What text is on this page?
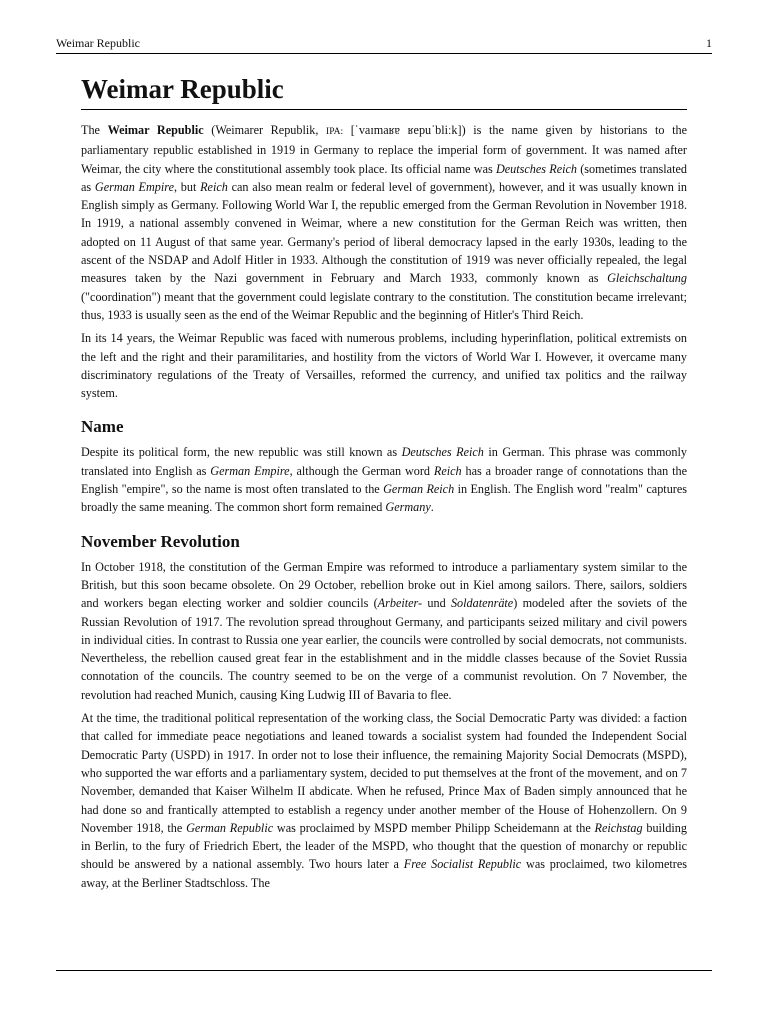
Weimar Republic	1
Weimar Republic

The Weimar Republic (Weimarer Republik, IPA: [ˈvaɪmaʁɐ ʁepuˈbliːk]) is the name given by historians to the parliamentary republic established in 1919 in Germany to replace the imperial form of government. It was named after Weimar, the city where the constitutional assembly took place. Its official name was Deutsches Reich (sometimes translated as German Empire, but Reich can also mean realm or federal level of government), however, and it was usually known in English simply as Germany. Following World War I, the republic emerged from the German Revolution in November 1918. In 1919, a national assembly convened in Weimar, where a new constitution for the German Reich was written, then adopted on 11 August of that same year. Germany's period of liberal democracy lapsed in the early 1930s, leading to the ascent of the NSDAP and Adolf Hitler in 1933. Although the constitution of 1919 was never officially repealed, the legal measures taken by the Nazi government in February and March 1933, commonly known as Gleichschaltung ("coordination") meant that the government could legislate contrary to the constitution. The constitution became irrelevant; thus, 1933 is usually seen as the end of the Weimar Republic and the beginning of Hitler's Third Reich.

In its 14 years, the Weimar Republic was faced with numerous problems, including hyperinflation, political extremists on the left and the right and their paramilitaries, and hostility from the victors of World War I. However, it overcame many discriminatory regulations of the Treaty of Versailles, reformed the currency, and unified tax politics and the railway system.

Name

Despite its political form, the new republic was still known as Deutsches Reich in German. This phrase was commonly translated into English as German Empire, although the German word Reich has a broader range of connotations than the English "empire", so the name is most often translated to the German Reich in English. The English word "realm" captures broadly the same meaning. The common short form remained Germany.

November Revolution

In October 1918, the constitution of the German Empire was reformed to introduce a parliamentary system similar to the British, but this soon became obsolete. On 29 October, rebellion broke out in Kiel among sailors. There, sailors, soldiers and workers began electing worker and soldier councils (Arbeiter- und Soldatenräte) modeled after the soviets of the Russian Revolution of 1917. The revolution spread throughout Germany, and participants seized military and civil powers in individual cities. In contrast to Russia one year earlier, the councils were controlled by social democrats, not communists. Nevertheless, the rebellion caused great fear in the establishment and in the middle classes because of the Soviet Russia connotation of the councils. The country seemed to be on the verge of a communist revolution. On 7 November, the revolution had reached Munich, causing King Ludwig III of Bavaria to flee.

At the time, the traditional political representation of the working class, the Social Democratic Party was divided: a faction that called for immediate peace negotiations and leaned towards a socialist system had founded the Independent Social Democratic Party (USPD) in 1917. In order not to lose their influence, the remaining Majority Social Democrats (MSPD), who supported the war efforts and a parliamentary system, decided to put themselves at the front of the movement, and on 7 November, demanded that Kaiser Wilhelm II abdicate. When he refused, Prince Max of Baden simply announced that he had done so and frantically attempted to establish a regency under another member of the House of Hohenzollern. On 9 November 1918, the German Republic was proclaimed by MSPD member Philipp Scheidemann at the Reichstag building in Berlin, to the fury of Friedrich Ebert, the leader of the MSPD, who thought that the question of monarchy or republic should be answered by a national assembly. Two hours later a Free Socialist Republic was proclaimed, two kilometres away, at the Berliner Stadtschloss. The
